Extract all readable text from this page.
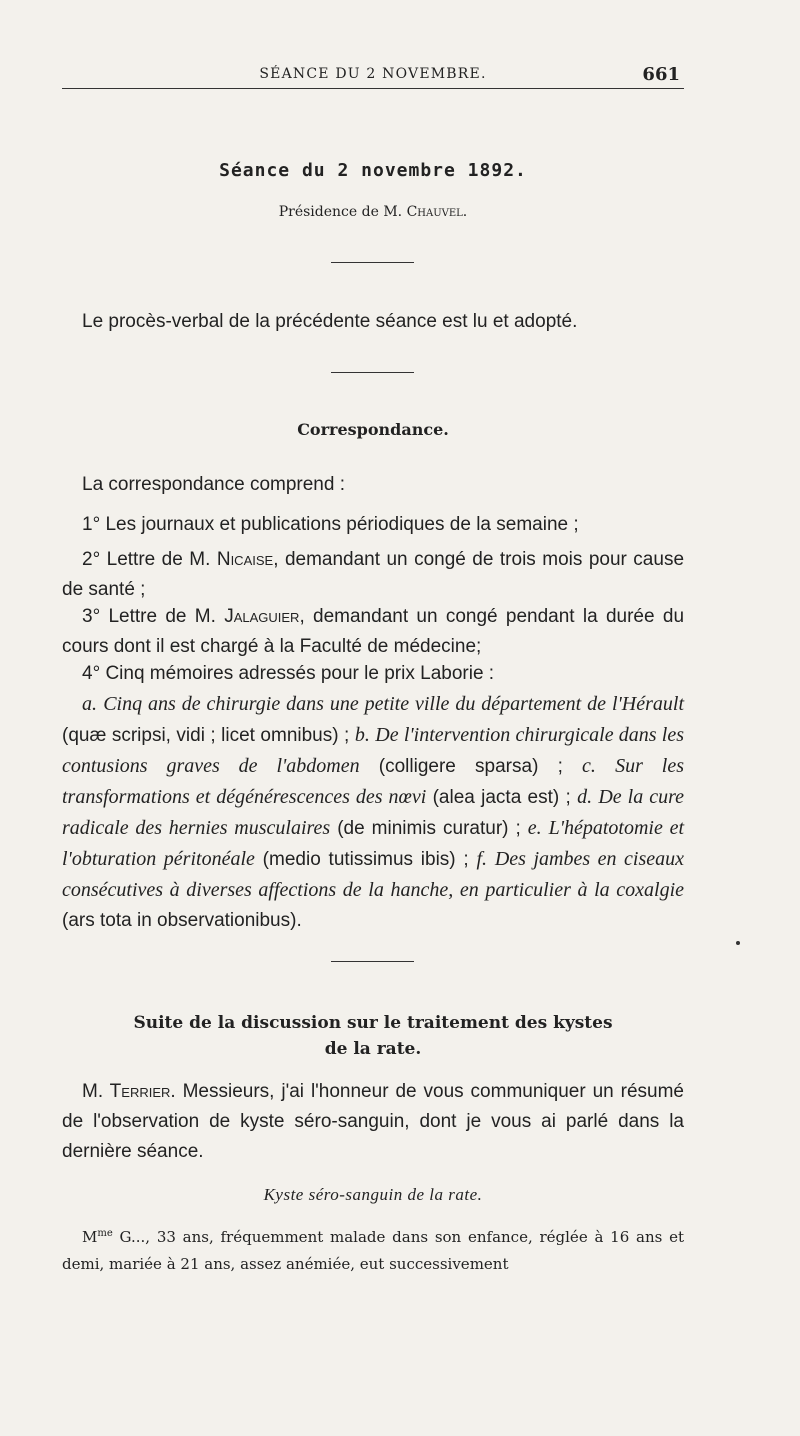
SÉANCE DU 2 NOVEMBRE.	661
Séance du 2 novembre 1892.
Présidence de M. Chauvel.
Le procès-verbal de la précédente séance est lu et adopté.
Correspondance.
La correspondance comprend :
1° Les journaux et publications périodiques de la semaine ;
2° Lettre de M. Nicaise, demandant un congé de trois mois pour cause de santé ;
3° Lettre de M. Jalaguier, demandant un congé pendant la durée du cours dont il est chargé à la Faculté de médecine;
4° Cinq mémoires adressés pour le prix Laborie :
a. Cinq ans de chirurgie dans une petite ville du département de l'Hérault (quæ scripsi, vidi ; licet omnibus) ; b. De l'intervention chirurgicale dans les contusions graves de l'abdomen (colligere sparsa) ; c. Sur les transformations et dégénérescences des nœvi (alea jacta est) ; d. De la cure radicale des hernies musculaires (de minimis curatur) ; e. L'hépatotomie et l'obturation péritonéale (medio tutissimus ibis) ; f. Des jambes en ciseaux consécutives à diverses affections de la hanche, en particulier à la coxalgie (ars tota in observationibus).
Suite de la discussion sur le traitement des kystes
de la rate.
M. Terrier. Messieurs, j'ai l'honneur de vous communiquer un résumé de l'observation de kyste séro-sanguin, dont je vous ai parlé dans la dernière séance.
Kyste séro-sanguin de la rate.
$M^{me}$ G..., 33 ans, fréquemment malade dans son enfance, réglée à 16 ans et demi, mariée à 21 ans, assez anémiée, eut successivement
